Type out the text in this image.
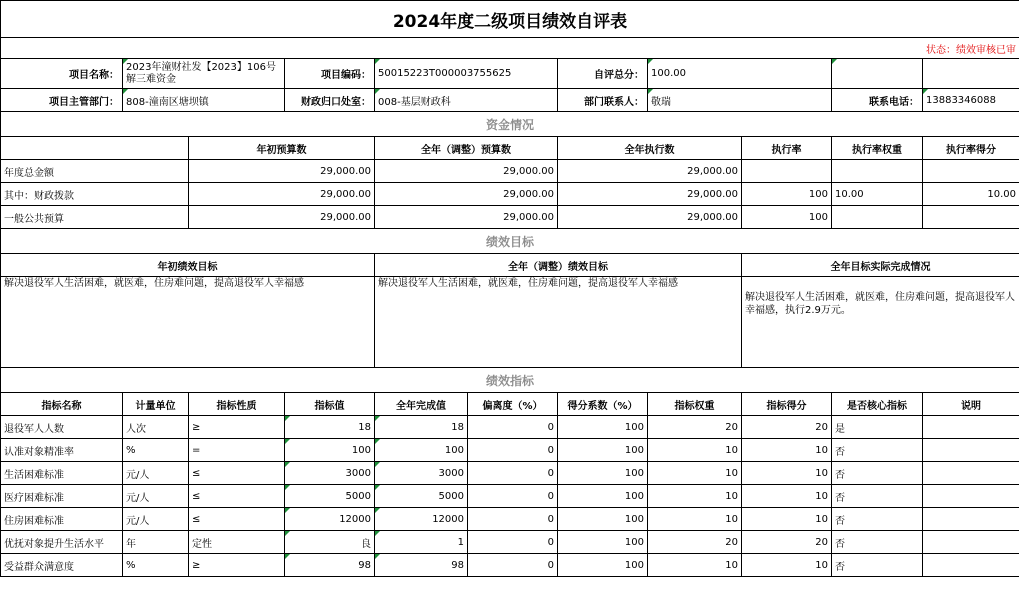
2024年度二级项目绩效自评表										
状态：绩效审核已审										
项目名称：	2023年潼财社发【2023】106号解三难资金		项目编码：	50015223T000003755625		自评总分：	100.00			
项目主管部门：	808-潼南区塘坝镇		财政归口处室：	008-基层财政科		部门联系人：	敬瑞		联系电话：	13883346088
资金情况										
		年初预算数		全年（调整）预算数		全年执行数		执行率	执行率权重	执行率得分
年度总金额		29,000.00		29,000.00		29,000.00				
其中：财政拨款		29,000.00		29,000.00		29,000.00		100	10.00	10.00
一般公共预算		29,000.00		29,000.00		29,000.00		100		
绩效目标										
年初绩效目标				全年（调整）绩效目标				全年目标实际完成情况		
解决退役军人生活困难，就医难，住房难问题，提高退役军人幸福感				解决退役军人生活困难，就医难，住房难问题，提高退役军人幸福感				解决退役军人生活困难，就医难，住房难问题，提高退役军人幸福感，执行2.9万元。		
绩效指标										
指标名称	计量单位	指标性质	指标值	全年完成值	偏离度（%）	得分系数（%）	指标权重	指标得分	是否核心指标	说明
退役军人人数	人次	≥	18	18	0	100	20	20	是	
认准对象精准率	%	=	100	100	0	100	10	10	否	
生活困难标准	元/人	≤	3000	3000	0	100	10	10	否	
医疗困难标准	元/人	≤	5000	5000	0	100	10	10	否	
住房困难标准	元/人	≤	12000	12000	0	100	10	10	否	
优抚对象提升生活水平	年	定性	良	1	0	100	20	20	否	
受益群众满意度	%	≥	98	98	0	100	10	10	否	
